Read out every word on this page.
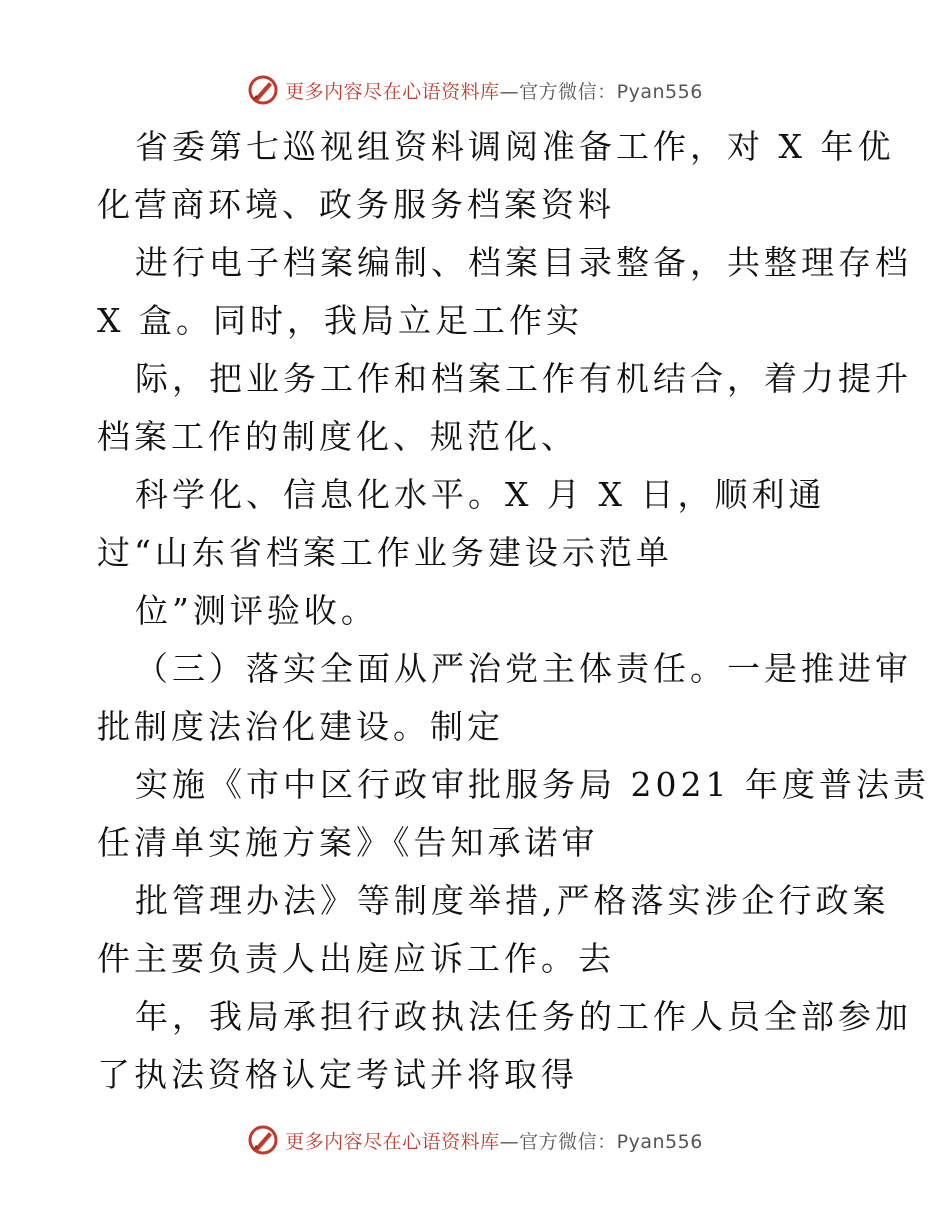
更多内容尽在心语资料库—官方微信：Pyan556
省委第七巡视组资料调阅准备工作，对 X 年优
化营商环境、政务服务档案资料
进行电子档案编制、档案目录整备，共整理存档
X 盒。同时，我局立足工作实
际，把业务工作和档案工作有机结合，着力提升
档案工作的制度化、规范化、
科学化、信息化水平。X 月 X 日，顺利通
过“山东省档案工作业务建设示范单
位”测评验收。
（三）落实全面从严治党主体责任。一是推进审
批制度法治化建设。制定
实施《市中区行政审批服务局 2021 年度普法责
任清单实施方案》《告知承诺审
批管理办法》等制度举措,严格落实涉企行政案
件主要负责人出庭应诉工作。去
年，我局承担行政执法任务的工作人员全部参加
了执法资格认定考试并将取得
更多内容尽在心语资料库—官方微信：Pyan556
